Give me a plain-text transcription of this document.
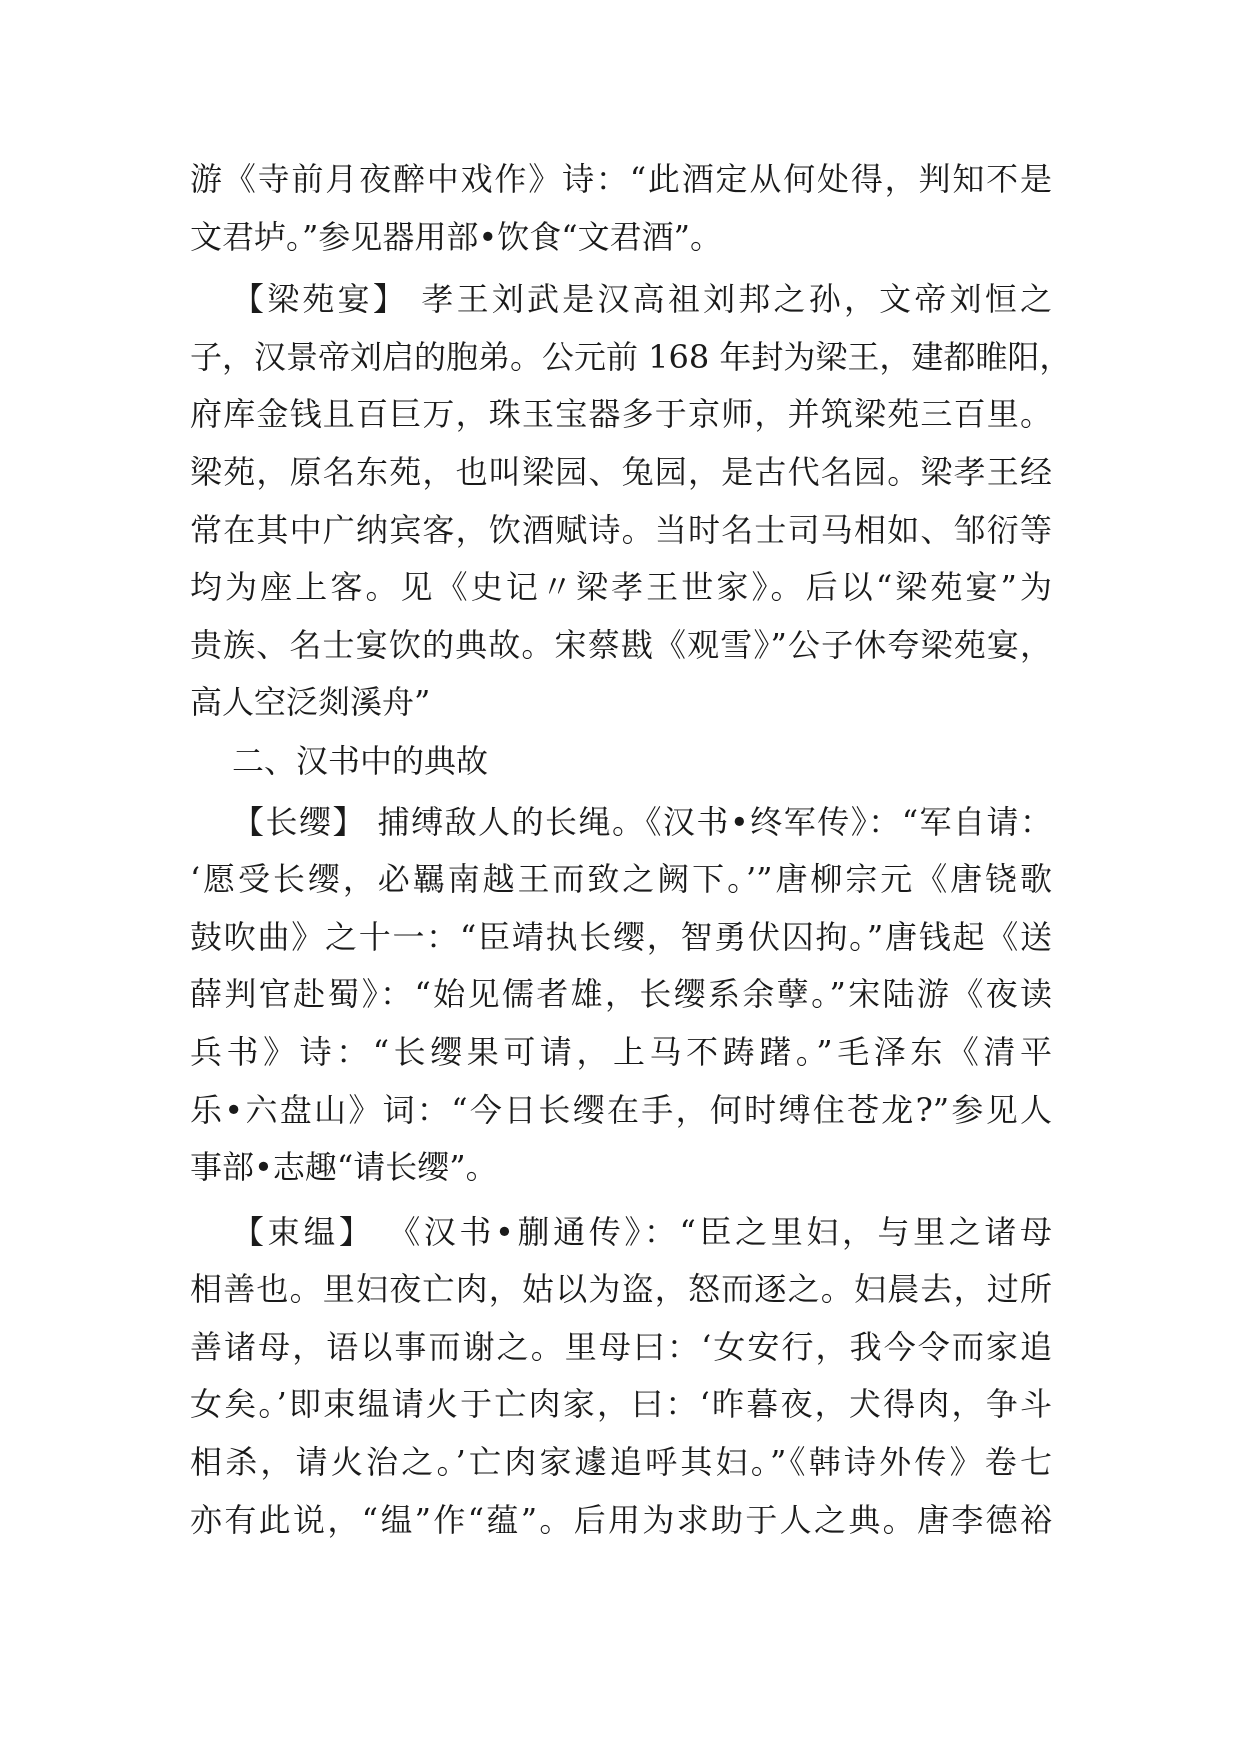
游《寺前月夜醉中戏作》诗：“此酒定从何处得，判知不是
文君垆。”参见器用部•饮食“文君酒”。
【梁苑宴】 孝王刘武是汉高祖刘邦之孙，文帝刘恒之
子，汉景帝刘启的胞弟。公元前 168 年封为梁王，建都睢阳，
府库金钱且百巨万，珠玉宝器多于京师，并筑梁苑三百里。
梁苑，原名东苑，也叫梁园、兔园，是古代名园。梁孝王经
常在其中广纳宾客，饮酒赋诗。当时名士司马相如、邹衍等
均为座上客。见《史记〃梁孝王世家》。后以“梁苑宴”为
贵族、名士宴饮的典故。宋蔡戡《观雪》”公子休夸梁苑宴，
高人空泛剡溪舟”
二、汉书中的典故
【长缨】 捕缚敌人的长绳。《汉书•终军传》：“军自请：
‘愿受长缨，必羈南越王而致之阙下。’”唐柳宗元《唐铙歌
鼓吹曲》之十一：“臣靖执长缨，智勇伏囚拘。”唐钱起《送
薛判官赴蜀》：“始见儒者雄，长缨系余孽。”宋陆游《夜读
兵书》诗：“长缨果可请，上马不踌躇。”毛泽东《清平
乐•六盘山》词：“今日长缨在手，何时缚住苍龙?”参见人
事部•志趣“请长缨”。
【束缊】 《汉书•蒯通传》：“臣之里妇，与里之诸母
相善也。里妇夜亡肉，姑以为盗，怒而逐之。妇晨去，过所
善诸母，语以事而谢之。里母曰：‘女安行，我今令而家追
女矣。’即束缊请火于亡肉家，曰：‘昨暮夜，犬得肉，争斗
相杀，请火治之。’亡肉家遽追呼其妇。”《韩诗外传》卷七
亦有此说，“缊”作“蕴”。后用为求助于人之典。唐李德裕
